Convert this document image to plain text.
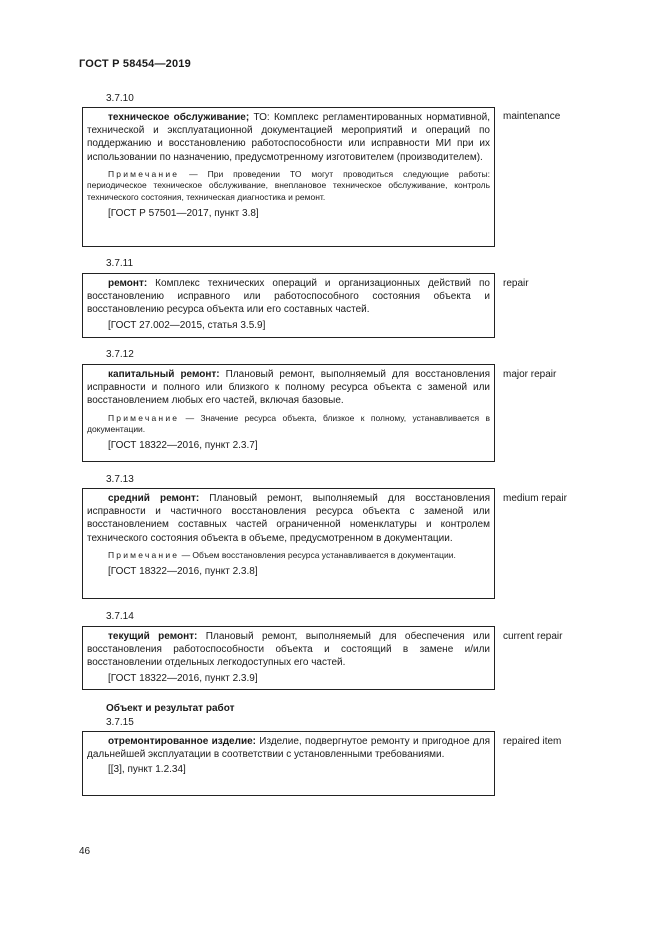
ГОСТ Р 58454—2019
3.7.10
техническое обслуживание; ТО: Комплекс регламентированных нормативной, технической и эксплуатационной документацией мероприятий и операций по поддержанию и восстановлению работоспособности или исправности МИ при их использовании по назначению, предусмотренному изготовителем (производителем).
Примечание — При проведении ТО могут проводиться следующие работы: периодическое техническое обслуживание, внеплановое техническое обслуживание, контроль технического состояния, техническая диагностика и ремонт.
[ГОСТ Р 57501—2017, пункт 3.8]
maintenance
3.7.11
ремонт: Комплекс технических операций и организационных действий по восстановлению исправного или работоспособного состояния объекта и восстановлению ресурса объекта или его составных частей.
[ГОСТ 27.002—2015, статья 3.5.9]
repair
3.7.12
капитальный ремонт: Плановый ремонт, выполняемый для восстановления исправности и полного или близкого к полному ресурса объекта с заменой или восстановлением любых его частей, включая базовые.
Примечание — Значение ресурса объекта, близкое к полному, устанавливается в документации.
[ГОСТ 18322—2016, пункт 2.3.7]
major repair
3.7.13
средний ремонт: Плановый ремонт, выполняемый для восстановления исправности и частичного восстановления ресурса объекта с заменой или восстановлением составных частей ограниченной номенклатуры и контролем технического состояния объекта в объеме, предусмотренном в документации.
Примечание — Объем восстановления ресурса устанавливается в документации.
[ГОСТ 18322—2016, пункт 2.3.8]
medium repair
3.7.14
текущий ремонт: Плановый ремонт, выполняемый для обеспечения или восстановления работоспособности объекта и состоящий в замене и/или восстановлении отдельных легкодоступных его частей.
[ГОСТ 18322—2016, пункт 2.3.9]
current repair
Объект и результат работ
3.7.15
отремонтированное изделие: Изделие, подвергнутое ремонту и пригодное для дальнейшей эксплуатации в соответствии с установленными требованиями.
[[3], пункт 1.2.34]
repaired item
46
